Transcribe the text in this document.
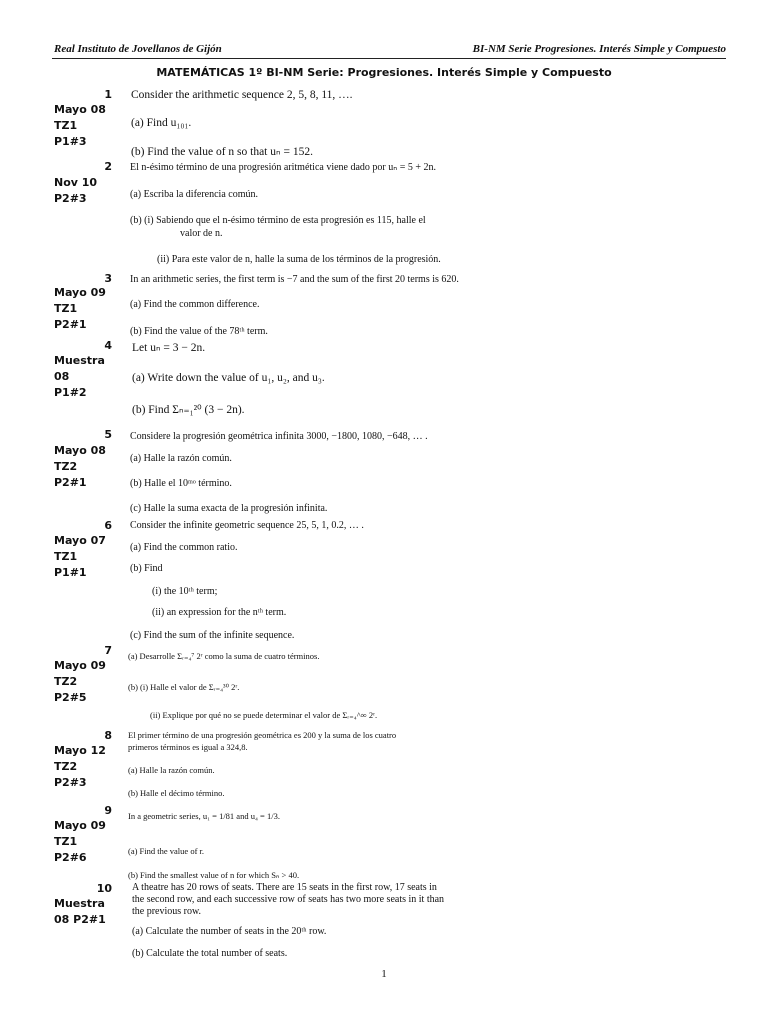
Real Instituto de Jovellanos de Gijón	BI-NM Serie Progresiones. Interés Simple y Compuesto
MATEMÁTICAS 1º BI-NM Serie: Progresiones. Interés Simple y Compuesto
1
Mayo 08
TZ1
P1#3
Consider the arithmetic sequence 2, 5, 8, 11, ….
(a) Find u₁₀₁.
(b) Find the value of n so that uₙ = 152.
2
Nov 10
P2#3
El n-ésimo término de una progresión aritmética viene dado por uₙ = 5 + 2n.
(a) Escriba la diferencia común.
(b) (i) Sabiendo que el n-ésimo término de esta progresión es 115, halle el
valor de n.
(ii) Para este valor de n, halle la suma de los términos de la progresión.
3
Mayo 09
TZ1
P2#1
In an arithmetic series, the first term is −7 and the sum of the first 20 terms is 620.
(a) Find the common difference.
(b) Find the value of the 78ᵗʰ term.
4
Muestra
08
P1#2
Let uₙ = 3 − 2n.
(a) Write down the value of u₁, u₂, and u₃.
(b) Find Σₙ₌₁²⁰ (3 − 2n).
5
Mayo 08
TZ2
P2#1
Considere la progresión geométrica infinita 3000, −1800, 1080, −648, … .
(a) Halle la razón común.
(b) Halle el 10ᵐᵒ término.
(c) Halle la suma exacta de la progresión infinita.
6
Mayo 07
TZ1
P1#1
Consider the infinite geometric sequence 25, 5, 1, 0.2, … .
(a) Find the common ratio.
(b) Find
(i) the 10ᵗʰ term;
(ii) an expression for the nᵗʰ term.
(c) Find the sum of the infinite sequence.
7
Mayo 09
TZ2
P2#5
(a) Desarrolle Σᵣ₌₄⁷ 2ʳ como la suma de cuatro términos.
(b) (i) Halle el valor de Σᵣ₌₄³⁰ 2ʳ.
(ii) Explique por qué no se puede determinar el valor de Σᵣ₌₄^∞ 2ʳ.
8
Mayo 12
TZ2
P2#3
El primer término de una progresión geométrica es 200 y la suma de los cuatro
primeros términos es igual a 324,8.
(a) Halle la razón común.
(b) Halle el décimo término.
9
Mayo 09
TZ1
P2#6
In a geometric series, u₁ = 1/81 and u₄ = 1/3.
(a) Find the value of r.
(b) Find the smallest value of n for which Sₙ > 40.
10
Muestra
08 P2#1
A theatre has 20 rows of seats. There are 15 seats in the first row, 17 seats in
the second row, and each successive row of seats has two more seats in it than
the previous row.
(a) Calculate the number of seats in the 20ᵗʰ row.
(b) Calculate the total number of seats.
1
